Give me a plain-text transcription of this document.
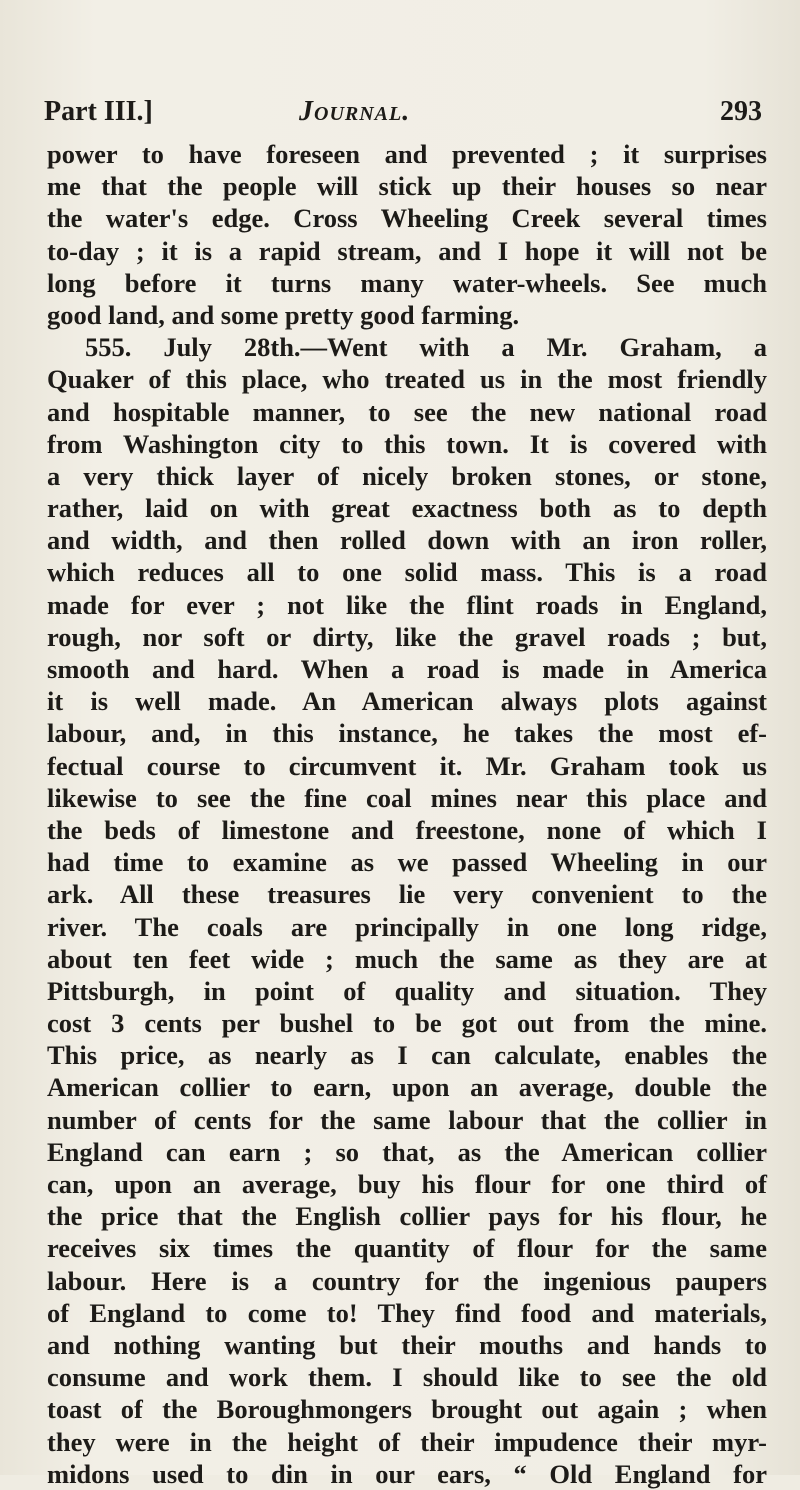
Part III.]	Journal.	293
power to have foreseen and prevented ; it surprises
me that the people will stick up their houses so near
the water's edge. Cross Wheeling Creek several times
to-day ; it is a rapid stream, and I hope it will not be
long before it turns many water-wheels. See much
good land, and some pretty good farming.
555. July 28th.—Went with a Mr. Graham, a
Quaker of this place, who treated us in the most friendly
and hospitable manner, to see the new national road
from Washington city to this town. It is covered with
a very thick layer of nicely broken stones, or stone,
rather, laid on with great exactness both as to depth
and width, and then rolled down with an iron roller,
which reduces all to one solid mass. This is a road
made for ever ; not like the flint roads in England,
rough, nor soft or dirty, like the gravel roads ; but,
smooth and hard. When a road is made in America
it is well made. An American always plots against
labour, and, in this instance, he takes the most ef-
fectual course to circumvent it. Mr. Graham took us
likewise to see the fine coal mines near this place and
the beds of limestone and freestone, none of which I
had time to examine as we passed Wheeling in our
ark. All these treasures lie very convenient to the
river. The coals are principally in one long ridge,
about ten feet wide ; much the same as they are at
Pittsburgh, in point of quality and situation. They
cost 3 cents per bushel to be got out from the mine.
This price, as nearly as I can calculate, enables the
American collier to earn, upon an average, double the
number of cents for the same labour that the collier in
England can earn ; so that, as the American collier
can, upon an average, buy his flour for one third of
the price that the English collier pays for his flour, he
receives six times the quantity of flour for the same
labour. Here is a country for the ingenious paupers
of England to come to! They find food and materials,
and nothing wanting but their mouths and hands to
consume and work them. I should like to see the old
toast of the Boroughmongers brought out again ; when
they were in the height of their impudence their myr-
midons used to din in our ears, “ Old England for
